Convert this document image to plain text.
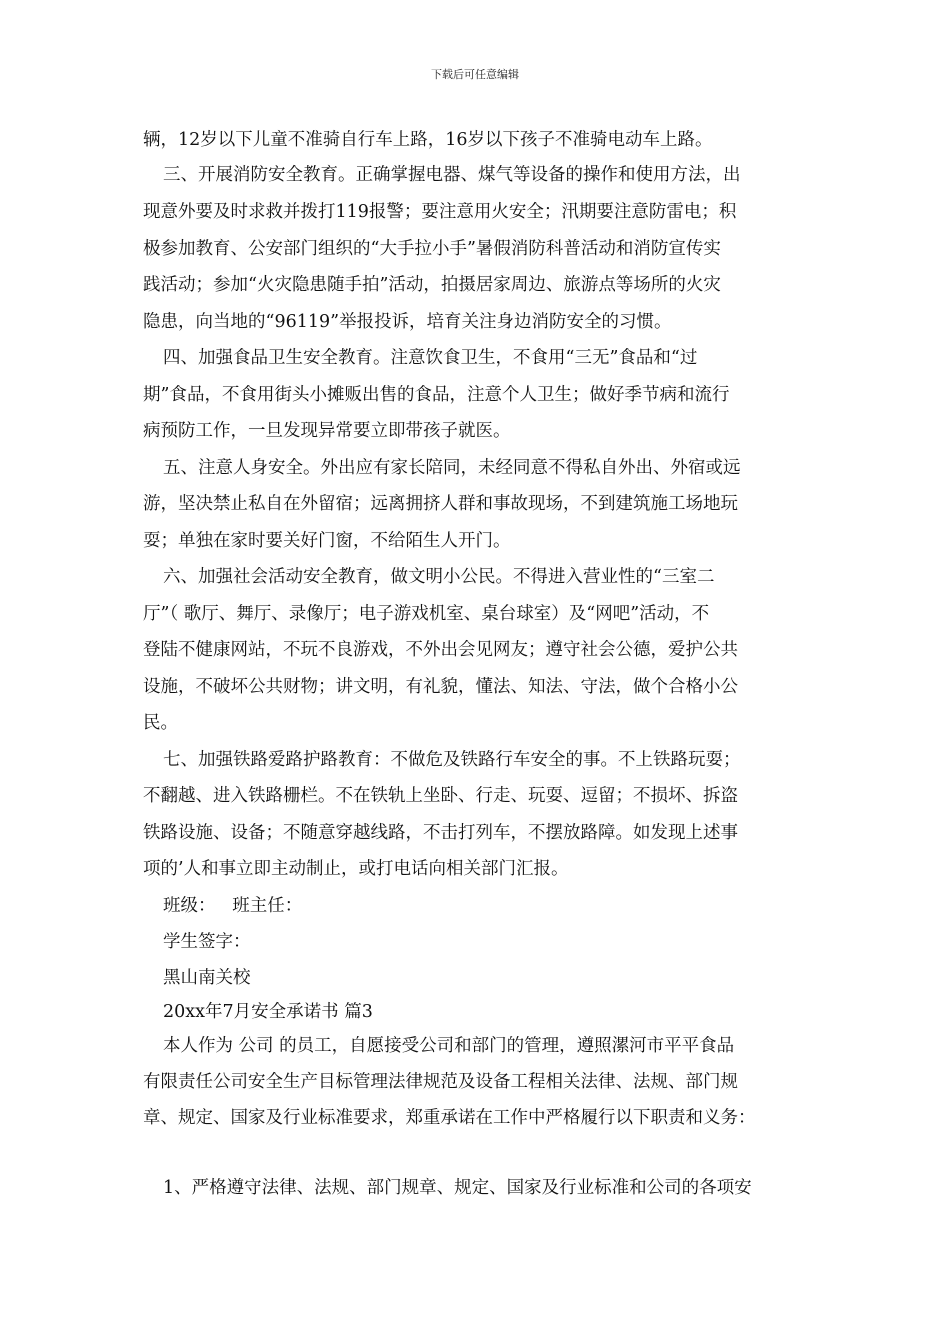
下载后可任意编辑
辆，12岁以下儿童不准骑自行车上路，16岁以下孩子不准骑电动车上路。
三、开展消防安全教育。正确掌握电器、煤气等设备的操作和使用方法，出
现意外要及时求救并拨打119报警；要注意用火安全；汛期要注意防雷电；积
极参加教育、公安部门组织的“大手拉小手”暑假消防科普活动和消防宣传实
践活动；参加“火灾隐患随手拍”活动，拍摄居家周边、旅游点等场所的火灾
隐患，向当地的“96119”举报投诉，培育关注身边消防安全的习惯。
四、加强食品卫生安全教育。注意饮食卫生，不食用“三无”食品和“过
期”食品，不食用街头小摊贩出售的食品，注意个人卫生；做好季节病和流行
病预防工作，一旦发现异常要立即带孩子就医。
五、注意人身安全。外出应有家长陪同，未经同意不得私自外出、外宿或远
游，坚决禁止私自在外留宿；远离拥挤人群和事故现场，不到建筑施工场地玩
耍；单独在家时要关好门窗，不给陌生人开门。
六、加强社会活动安全教育，做文明小公民。不得进入营业性的“三室二
厅”（ 歌厅、舞厅、录像厅；电子游戏机室、桌台球室）及“网吧”活动，不
登陆不健康网站，不玩不良游戏，不外出会见网友；遵守社会公德，爱护公共
设施，不破坏公共财物；讲文明，有礼貌，懂法、知法、守法，做个合格小公
民。
七、加强铁路爱路护路教育：不做危及铁路行车安全的事。不上铁路玩耍；
不翻越、进入铁路栅栏。不在铁轨上坐卧、行走、玩耍、逗留；不损坏、拆盗
铁路设施、设备；不随意穿越线路，不击打列车，不摆放路障。如发现上述事
项的’人和事立即主动制止，或打电话向相关部门汇报。
班级：   班主任：
学生签字：
黑山南关校
20xx年7月安全承诺书 篇3
本人作为 公司 的员工，自愿接受公司和部门的管理，遵照漯河市平平食品
有限责任公司安全生产目标管理法律规范及设备工程相关法律、法规、部门规
章、规定、国家及行业标准要求，郑重承诺在工作中严格履行以下职责和义务：
1、严格遵守法律、法规、部门规章、规定、国家及行业标准和公司的各项安
